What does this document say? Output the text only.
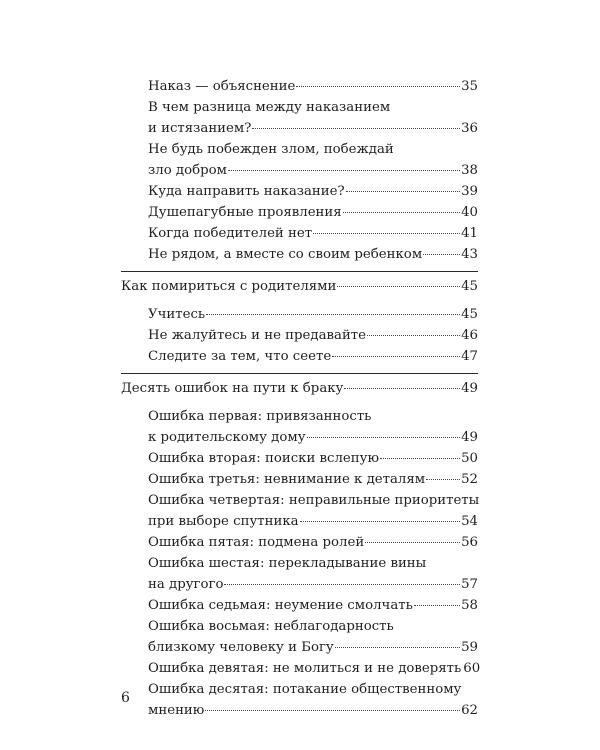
Наказ — объяснение	35
В чем разница между наказанием
и истязанием?	36
Не будь побежден злом, побеждай
зло добром	38
Куда направить наказание?	39
Душепагубные проявления	40
Когда победителей нет	41
Не рядом, а вместе со своим ребенком	43
Как помириться с родителями	45
Учитесь	45
Не жалуйтесь и не предавайте	46
Следите за тем, что сеете	47
Десять ошибок на пути к браку	49
Ошибка первая: привязанность
к родительскому дому	49
Ошибка вторая: поиски вслепую	50
Ошибка третья: невнимание к деталям	52
Ошибка четвертая: неправильные приоритеты
при выборе спутника	54
Ошибка пятая: подмена ролей	56
Ошибка шестая: перекладывание вины
на другого	57
Ошибка седьмая: неумение смолчать	58
Ошибка восьмая: неблагодарность
близкому человеку и Богу	59
Ошибка девятая: не молиться и не доверять 60
Ошибка десятая: потакание общественному
мнению	62
6
